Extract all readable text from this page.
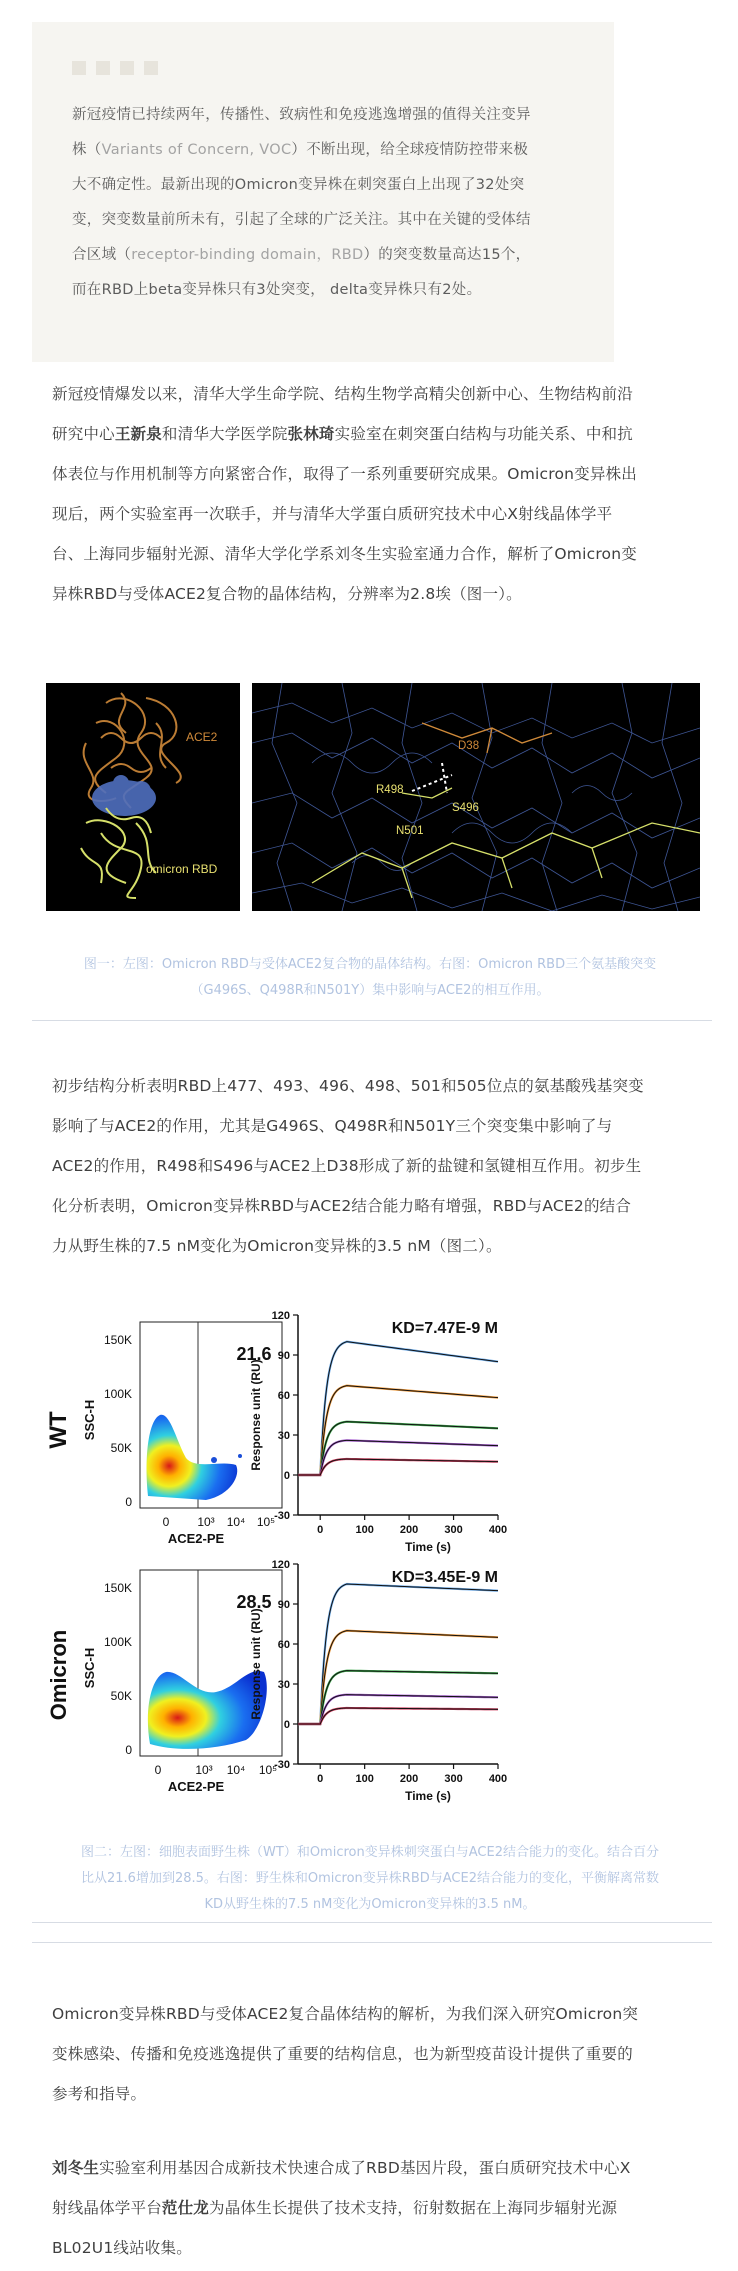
新冠疫情已持续两年，传播性、致病性和免疫逃逸增强的值得关注变异
株（Variants of Concern, VOC）不断出现，给全球疫情防控带来极
大不确定性。最新出现的Omicron变异株在刺突蛋白上出现了32处突
变，突变数量前所未有，引起了全球的广泛关注。其中在关键的受体结
合区域（receptor-binding domain，RBD）的突变数量高达15个，
而在RBD上beta变异株只有3处突变， delta变异株只有2处。
新冠疫情爆发以来，清华大学生命学院、结构生物学高精尖创新中心、生物结构前沿
研究中心王新泉和清华大学医学院张林琦实验室在刺突蛋白结构与功能关系、中和抗
体表位与作用机制等方向紧密合作，取得了一系列重要研究成果。Omicron变异株出
现后，两个实验室再一次联手，并与清华大学蛋白质研究技术中心X射线晶体学平
台、上海同步辐射光源、清华大学化学系刘冬生实验室通力合作，解析了Omicron变
异株RBD与受体ACE2复合物的晶体结构，分辨率为2.8埃（图一）。
ACE2
omicron RBD
D38
R498
S496
N501
图一：左图：Omicron RBD与受体ACE2复合物的晶体结构。右图：Omicron RBD三个氨基酸突变
（G496S、Q498R和N501Y）集中影响与ACE2的相互作用。
初步结构分析表明RBD上477、493、496、498、501和505位点的氨基酸残基突变
影响了与ACE2的作用，尤其是G496S、Q498R和N501Y三个突变集中影响了与
ACE2的作用，R498和S496与ACE2上D38形成了新的盐键和氢键相互作用。初步生
化分析表明，Omicron变异株RBD与ACE2结合能力略有增强，RBD与ACE2的结合
力从野生株的7.5 nM变化为Omicron变异株的3.5 nM（图二）。
WT
Omicron
21.6
SSC-H
150K
100K
50K
0
0 10³ 10⁴ 10⁵
ACE2-PE
28.5
SSC-H
150K
100K
50K
0
0	10³ 10⁴ 10⁵
ACE2-PE
120
90
60
30
0
-30
0	100 200 300 400
KD=7.47E-9 M
Time (s)
Response unit (RU)
120
90
60
30
0
-30
0	100 200 300 400
KD=3.45E-9 M
Time (s)
Response unit (RU)
图二：左图：细胞表面野生株（WT）和Omicron变异株刺突蛋白与ACE2结合能力的变化。结合百分
比从21.6增加到28.5。右图：野生株和Omicron变异株RBD与ACE2结合能力的变化，平衡解离常数
KD从野生株的7.5 nM变化为Omicron变异株的3.5 nM。
Omicron变异株RBD与受体ACE2复合晶体结构的解析，为我们深入研究Omicron突
变株感染、传播和免疫逃逸提供了重要的结构信息，也为新型疫苗设计提供了重要的
参考和指导。
刘冬生实验室利用基因合成新技术快速合成了RBD基因片段，蛋白质研究技术中心X
射线晶体学平台范仕龙为晶体生长提供了技术支持，衍射数据在上海同步辐射光源
BL02U1线站收集。
